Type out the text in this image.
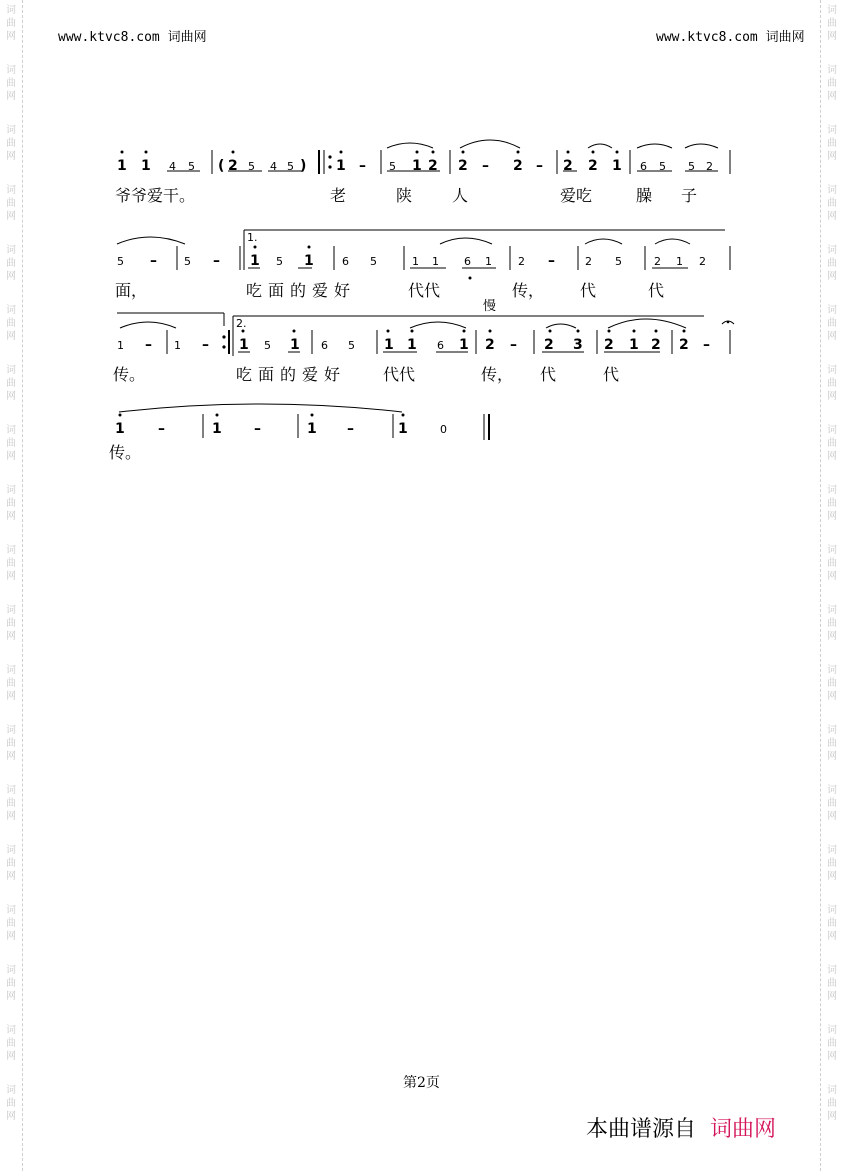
词
曲
网
词
曲
网
词
曲
网
词
曲
网
词
曲
网
词
曲
网
词
曲
网
词
曲
网
词
曲
网
词
曲
网
词
曲
网
词
曲
网
词
曲
网
词
曲
网
词
曲
网
词
曲
网
词
曲
网
词
曲
网
词
曲
网
词
曲
网
词
曲
网
词
曲
网
词
曲
网
词
曲
网
词
曲
网
词
曲
网
词
曲
网
词
曲
网
词
曲
网
词
曲
网
词
曲
网
词
曲
网
词
曲
网
词
曲
网
词
曲
网
词
曲
网
词
曲
网
词
曲
网
www.ktvc8.com 词曲网	www.ktvc8.com 词曲网
1 1 4 5 ( 2 5 4 5 ) 1 – 5 1 2 2 – 2 – 2 2 1 6 5 5 2
5 – 5 – 1 5 1	6 5	1 1 6 1 2 –	2 5	2 1 2
1 – 1 – 1 5 1 6 5 1 1 6 1 2 – 2 3 2 1 2 2 –
1 –	1 –	1 –	1	0
1.
2.
爷爷爱干。	老	陕 人	爱吃	臊 子
面，	吃面的爱好	代代	传， 代	代
慢
传。	吃面的爱好 代代	传， 代	代
传。
第2页
本曲谱源自 词曲网
